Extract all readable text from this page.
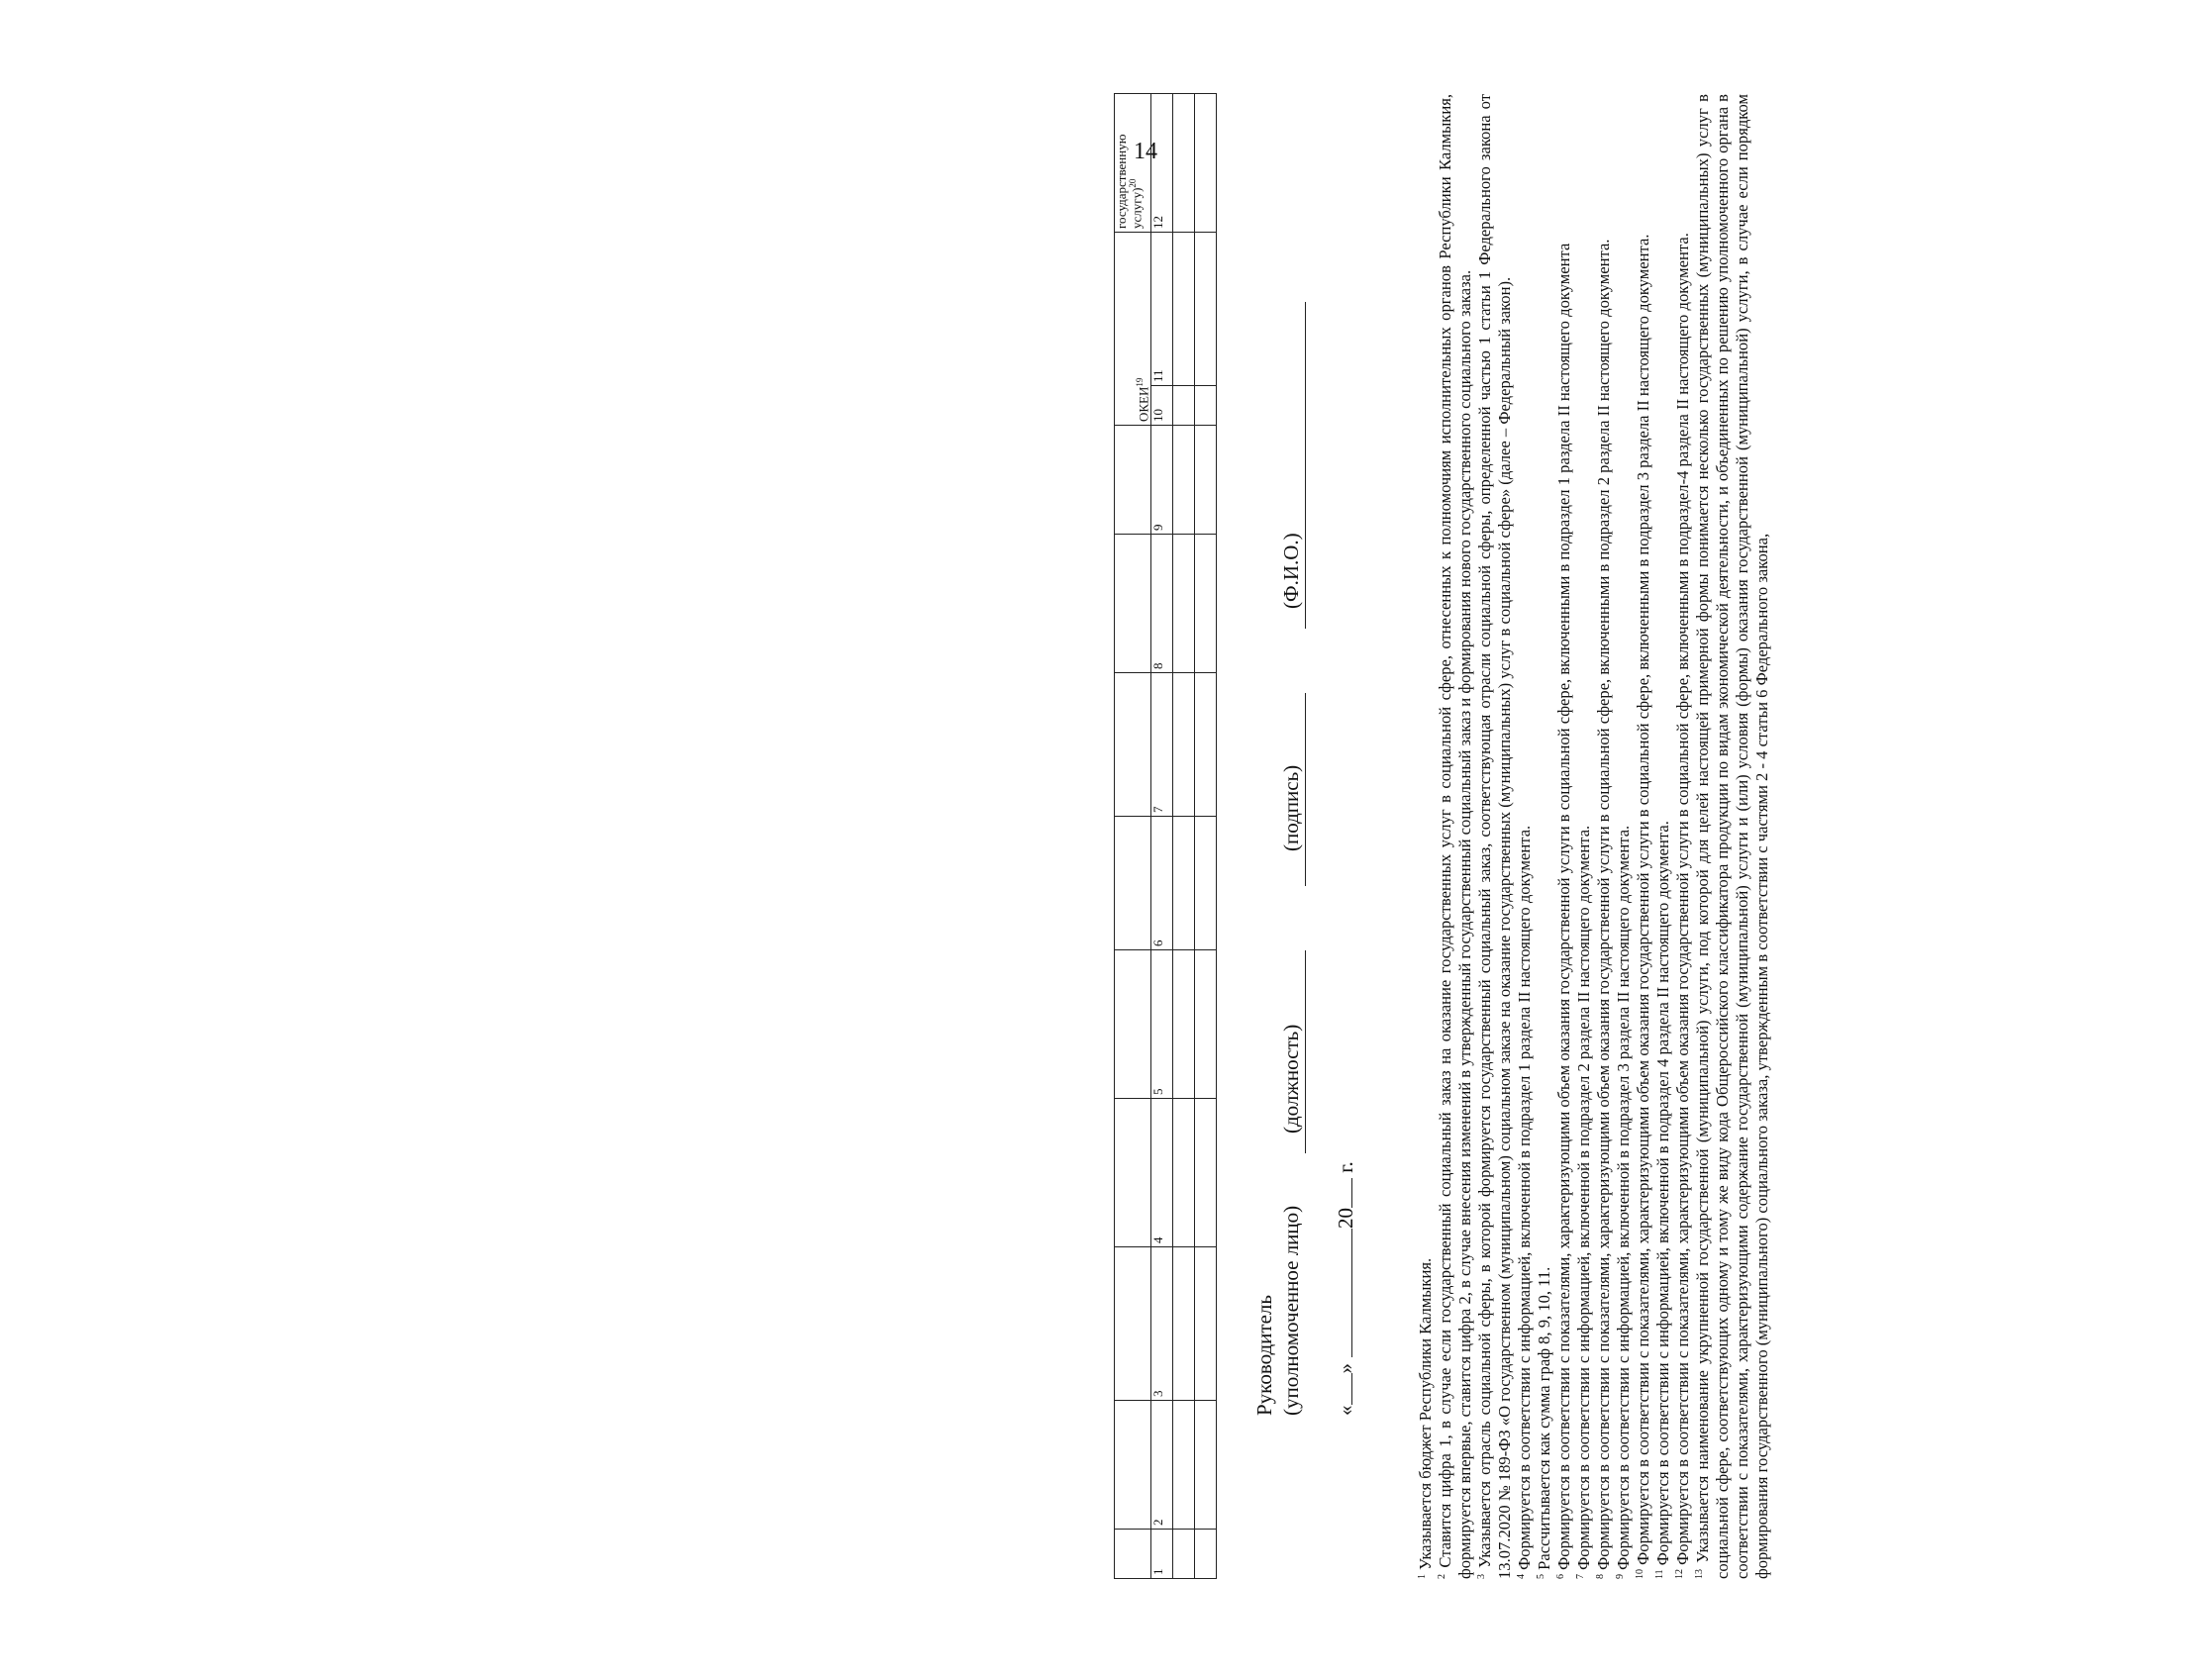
14
									ОКЕИ$^{19}$		государственную услугу)$^{20}$
1	2	3	4	5	6	7	8	9	10	11	12

Руководитель (уполномоченное лицо)
(должность)
(подпись)
(Ф.И.О.)
«»20 г.

$^1$ Указывается бюджет Республики Калмыкия.

$^2$ Ставится цифра 1, в случае если государственный социальный заказ на оказание государственных услуг в социальной сфере, отнесенных к полномочиям исполнительных органов Республики Калмыкия, формируется впервые, ставится цифра 2, в случае внесения изменений в утвержденный государственный социальный заказ и формирования нового государственного социального заказа. $^3$ Указывается отрасль социальной сферы, в которой формируется государственный социальный заказ, соответствующая отрасли социальной сферы, определенной частью 1 статьи 1 Федерального закона от 13.07.2020 № 189-ФЗ «О государственном (муниципальном) социальном заказе на оказание государственных (муниципальных) услуг в социальной сфере» (далее – Федеральный закон). $^4$ Формируется в соответствии с информацией, включенной в подраздел 1 раздела II настоящего документа.

$^5$ Рассчитывается как сумма граф 8, 9, 10, 11.

$^6$ Формируется в соответствии с показателями, характеризующими объем оказания государственной услуги в социальной сфере, включенными в подраздел 1 раздела II настоящего документа

$^7$ Формируется в соответствии с информацией, включенной в подраздел 2 раздела II настоящего документа.

$^8$ Формируется в соответствии с показателями, характеризующими объем оказания государственной услуги в социальной сфере, включенными в подраздел 2 раздела II настоящего документа.

$^9$ Формируется в соответствии с информацией, включенной в подраздел 3 раздела II настоящего документа.

$^{10}$ Формируется в соответствии с показателями, характеризующими объем оказания государственной услуги в социальной сфере, включенными в подраздел 3 раздела II настоящего документа.

$^{11}$ Формируется в соответствии с информацией, включенной в подраздел 4 раздела II настоящего документа.

$^{12}$ Формируется в соответствии с показателями, характеризующими объем оказания государственной услуги в социальной сфере, включенными в подраздел-4 раздела II настоящего документа.

$^{13}$ Указывается наименование укрупненной государственной (муниципальной) услуги, под которой для целей настоящей примерной формы понимается несколько государственных (муниципальных) услуг в социальной сфере, соответствующих одному и тому же виду кода Общероссийского классификатора продукции по видам экономической деятельности, и объединенных по решению уполномоченного органа в соответствии с показателями, характеризующими содержание государственной (муниципальной) услуги и (или) условия (формы) оказания государственной (муниципальной) услуги, в случае если порядком формирования государственного (муниципального) социального заказа, утвержденным в соответствии с частями 2 - 4 статьи 6 Федерального закона,
